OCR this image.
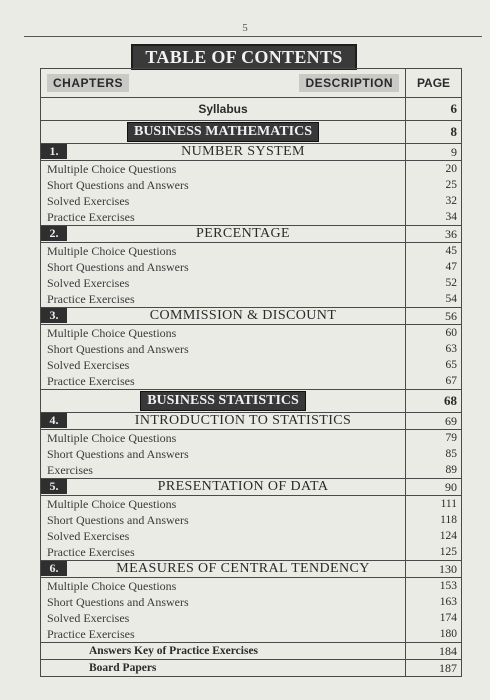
5
TABLE OF CONTENTS
CHAPTERS DESCRIPTION	PAGE
Syllabus	6
BUSINESS MATHEMATICS	8

1. NUMBER SYSTEM	9
Multiple Choice Questions	20
Short Questions and Answers	25
Solved Exercises	32
Practice Exercises	34

2. PERCENTAGE	36
Multiple Choice Questions	45
Short Questions and Answers	47
Solved Exercises	52
Practice Exercises	54

3. COMMISSION & DISCOUNT	56
Multiple Choice Questions	60
Short Questions and Answers	63
Solved Exercises	65
Practice Exercises	67
BUSINESS STATISTICS	68

4. INTRODUCTION TO STATISTICS	69
Multiple Choice Questions	79
Short Questions and Answers	85
Exercises	89

5. PRESENTATION OF DATA	90
Multiple Choice Questions	111
Short Questions and Answers	118
Solved Exercises	124
Practice Exercises	125

6. MEASURES OF CENTRAL TENDENCY	130
Multiple Choice Questions	153
Short Questions and Answers	163
Solved Exercises	174
Practice Exercises	180
Answers Key of Practice Exercises	184
Board Papers	187
